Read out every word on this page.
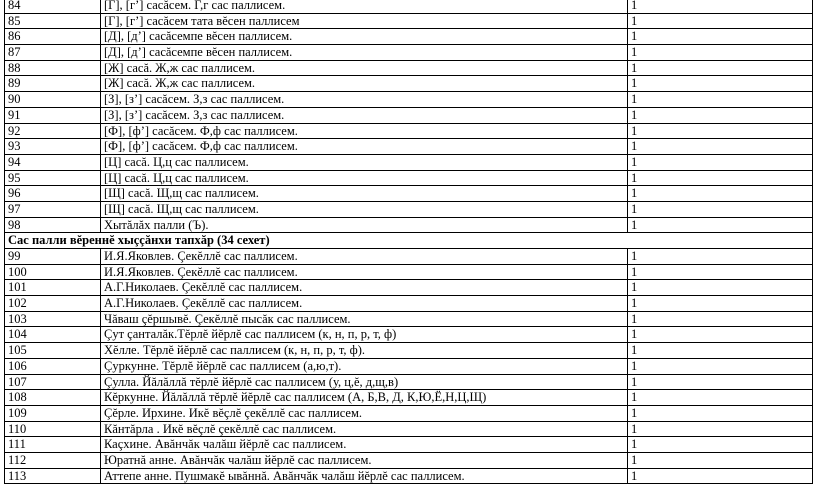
84	[Г], [г’] сасăсем. Г,г сас паллисем.	1
85	[Г], [г’] сасăсем тата вĕсен паллисем	1
86	[Д], [д’] сасăсемпе вĕсен паллисем.	1
87	[Д], [д’] сасăсемпе вĕсен паллисем.	1
88	[Ж] сасă. Ж,ж сас паллисем.	1
89	[Ж] сасă. Ж,ж сас паллисем.	1
90	[З], [з’] сасăсем. З,з сас паллисем.	1
91	[З], [з’] сасăсем. З,з сас паллисем.	1
92	[Ф], [ф’] сасăсем. Ф,ф сас паллисем.	1
93	[Ф], [ф’] сасăсем. Ф,ф сас паллисем.	1
94	[Ц] сасă. Ц,ц сас паллисем.	1
95	[Ц] сасă. Ц,ц сас паллисем.	1
96	[Щ] сасă. Щ,щ сас паллисем.	1
97	[Щ] сасă. Щ,щ сас паллисем.	1
98	Хытăлăх палли (Ъ).	1
Сас палли вĕреннĕ хыççăнхи тапхăр (34 сехет)		
99	И.Я.Яковлев. Çекĕллĕ сас паллисем.	1
100	И.Я.Яковлев. Çекĕллĕ сас паллисем.	1
101	А.Г.Николаев. Çекĕллĕ сас паллисем.	1
102	А.Г.Николаев. Çекĕллĕ сас паллисем.	1
103	Чăваш çĕршывĕ. Çекĕллĕ пысăк сас паллисем.	1
104	Çут çанталăк.Тĕрлĕ йĕрлĕ сас паллисем (к, н, п, р, т, ф)	1
105	Хĕлле. Тĕрлĕ йĕрлĕ сас паллисем (к, н, п, р, т, ф).	1
106	Çуркунне. Тĕрлĕ йĕрлĕ сас паллисем (а,ю,т).	1
107	Çулла. Йăлăллă тĕрлĕ йĕрлĕ сас паллисем (у, ц,ĕ, д,щ,в)	1
108	Кĕркунне. Йăлăллă тĕрлĕ йĕрлĕ сас паллисем (А, Б,В, Д, К,Ю,Ё,Н,Ц,Щ)	1
109	Çĕрле. Ирхине. Икĕ вĕçлĕ çекĕллĕ сас паллисем.	1
110	Кăнтăрла . Икĕ вĕçлĕ çекĕллĕ сас паллисем.	1
111	Каçхине. Авăнчăк чалăш йĕрлĕ сас паллисем.	1
112	Юратнă анне. Авăнчăк чалăш йĕрлĕ сас паллисем.	1
113	Аттепе анне. Пушмакĕ ывăннă. Авăнчăк чалăш йĕрлĕ сас паллисем.	1
